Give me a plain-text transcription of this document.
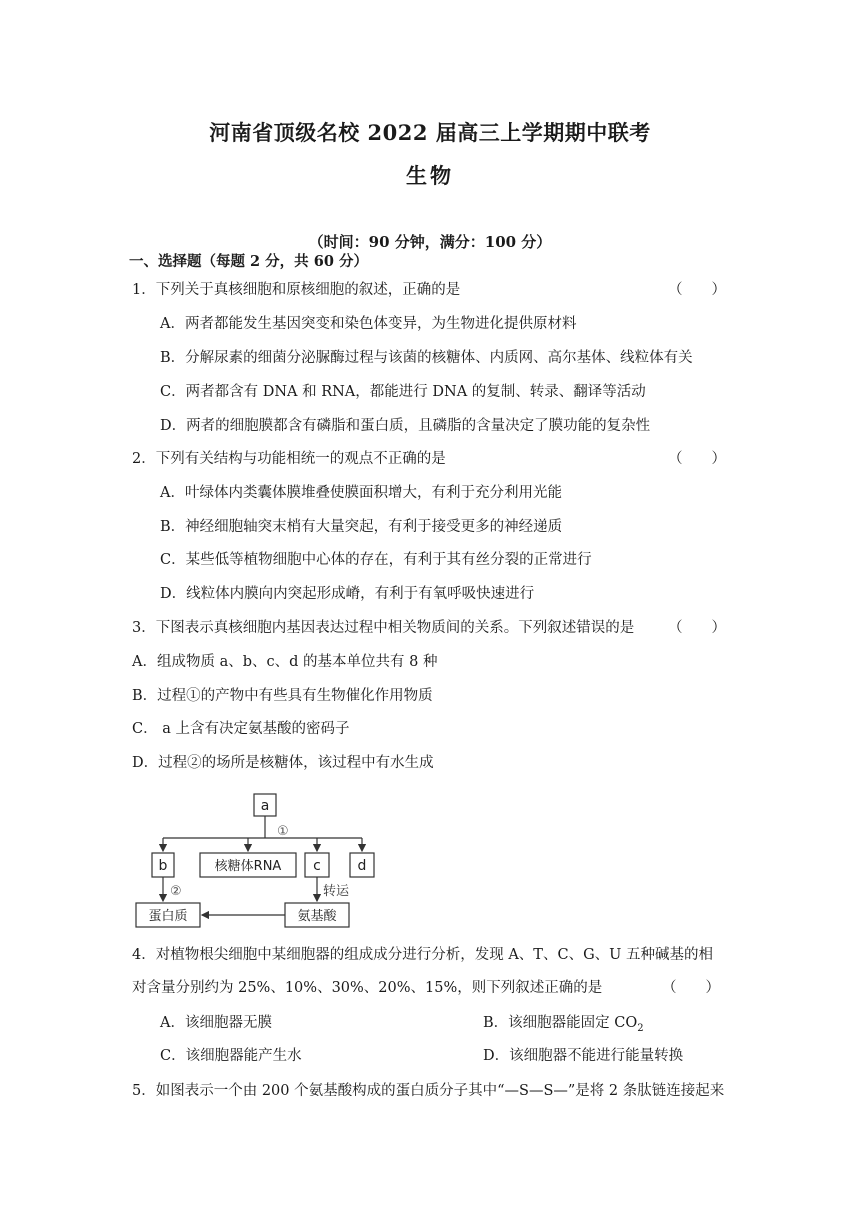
河南省顶级名校 2022 届高三上学期期中联考
生物
（时间：90 分钟，满分：100 分）
一、选择题（每题 2 分，共 60 分）
1．下列关于真核细胞和原核细胞的叙述，正确的是	（　　）
A．两者都能发生基因突变和染色体变异，为生物进化提供原材料
B．分解尿素的细菌分泌脲酶过程与该菌的核糖体、内质网、高尔基体、线粒体有关
C．两者都含有 DNA 和 RNA，都能进行 DNA 的复制、转录、翻译等活动
D．两者的细胞膜都含有磷脂和蛋白质，且磷脂的含量决定了膜功能的复杂性
2．下列有关结构与功能相统一的观点不正确的是	（　　）
A．叶绿体内类囊体膜堆叠使膜面积增大，有利于充分利用光能
B．神经细胞轴突末梢有大量突起，有利于接受更多的神经递质
C．某些低等植物细胞中心体的存在，有利于其有丝分裂的正常进行
D．线粒体内膜向内突起形成嵴，有利于有氧呼吸快速进行
3．下图表示真核细胞内基因表达过程中相关物质间的关系。下列叙述错误的是 （　　）
A．组成物质 a、b、c、d 的基本单位共有 8 种
B．过程①的产物中有些具有生物催化作用物质
C． a 上含有决定氨基酸的密码子
D．过程②的场所是核糖体，该过程中有水生成
a
①
b	核糖体RNA c	d
②	转运
蛋白质	氨基酸
4．对植物根尖细胞中某细胞器的组成成分进行分析，发现 A、T、C、G、U 五种碱基的相
对含量分别约为 25%、10%、30%、20%、15%，则下列叙述正确的是	（　　）
A．该细胞器无膜	B．该细胞器能固定 $CO_2$
C．该细胞器能产生水	D．该细胞器不能进行能量转换
5．如图表示一个由 200 个氨基酸构成的蛋白质分子其中“—S—S—”是将 2 条肽链连接起来
